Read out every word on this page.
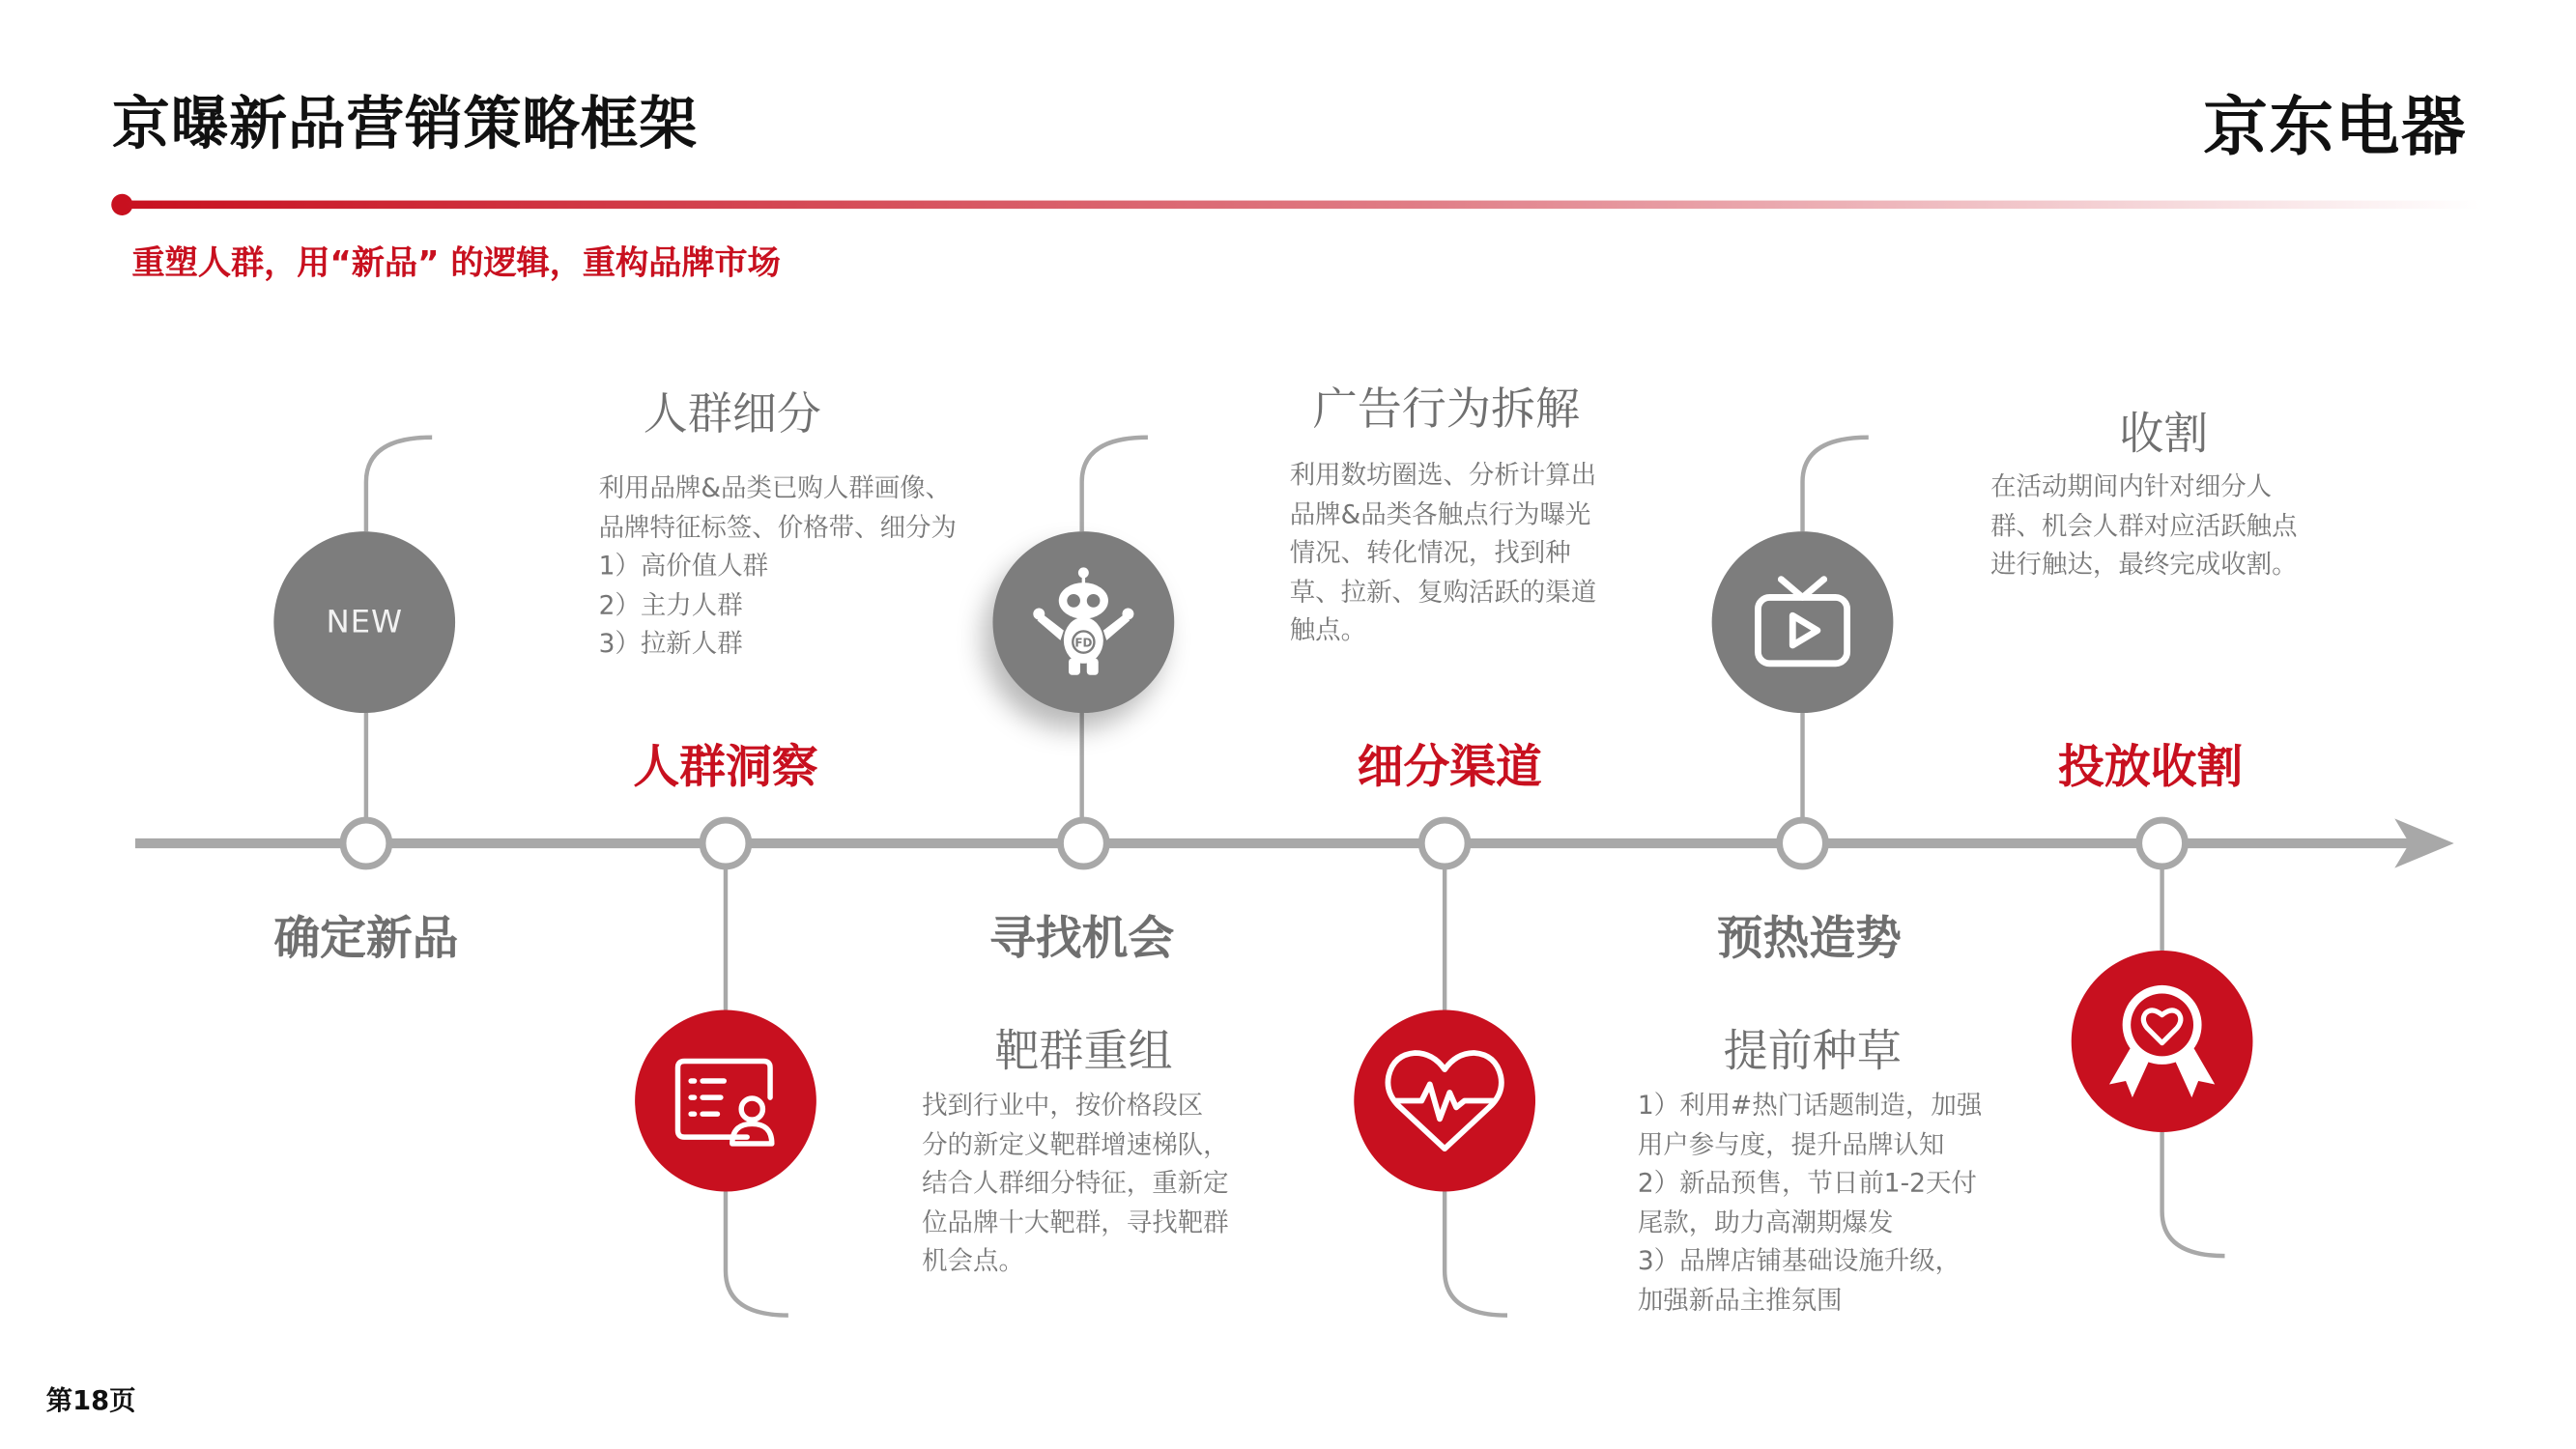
京曝新品营销策略框架	京东电器
重塑人群，用“新品” 的逻辑，重构品牌市场
人群洞察	细分渠道	投放收割
确定新品	寻找机会	预热造势
NEW
FD
人群细分
利用品牌&品类已购人群画像、
品牌特征标签、价格带、细分为
1）高价值人群
2）主力人群
3）拉新人群
广告行为拆解
利用数坊圈选、分析计算出
品牌&品类各触点行为曝光
情况、转化情况，找到种
草、拉新、复购活跃的渠道
触点。
收割
在活动期间内针对细分人
群、机会人群对应活跃触点
进行触达，最终完成收割。
靶群重组
找到行业中，按价格段区
分的新定义靶群增速梯队，
结合人群细分特征，重新定
位品牌十大靶群，寻找靶群
机会点。
提前种草
1）利用#热门话题制造，加强
用户参与度，提升品牌认知
2）新品预售，节日前1-2天付
尾款，助力高潮期爆发
3）品牌店铺基础设施升级，
加强新品主推氛围
第18页
